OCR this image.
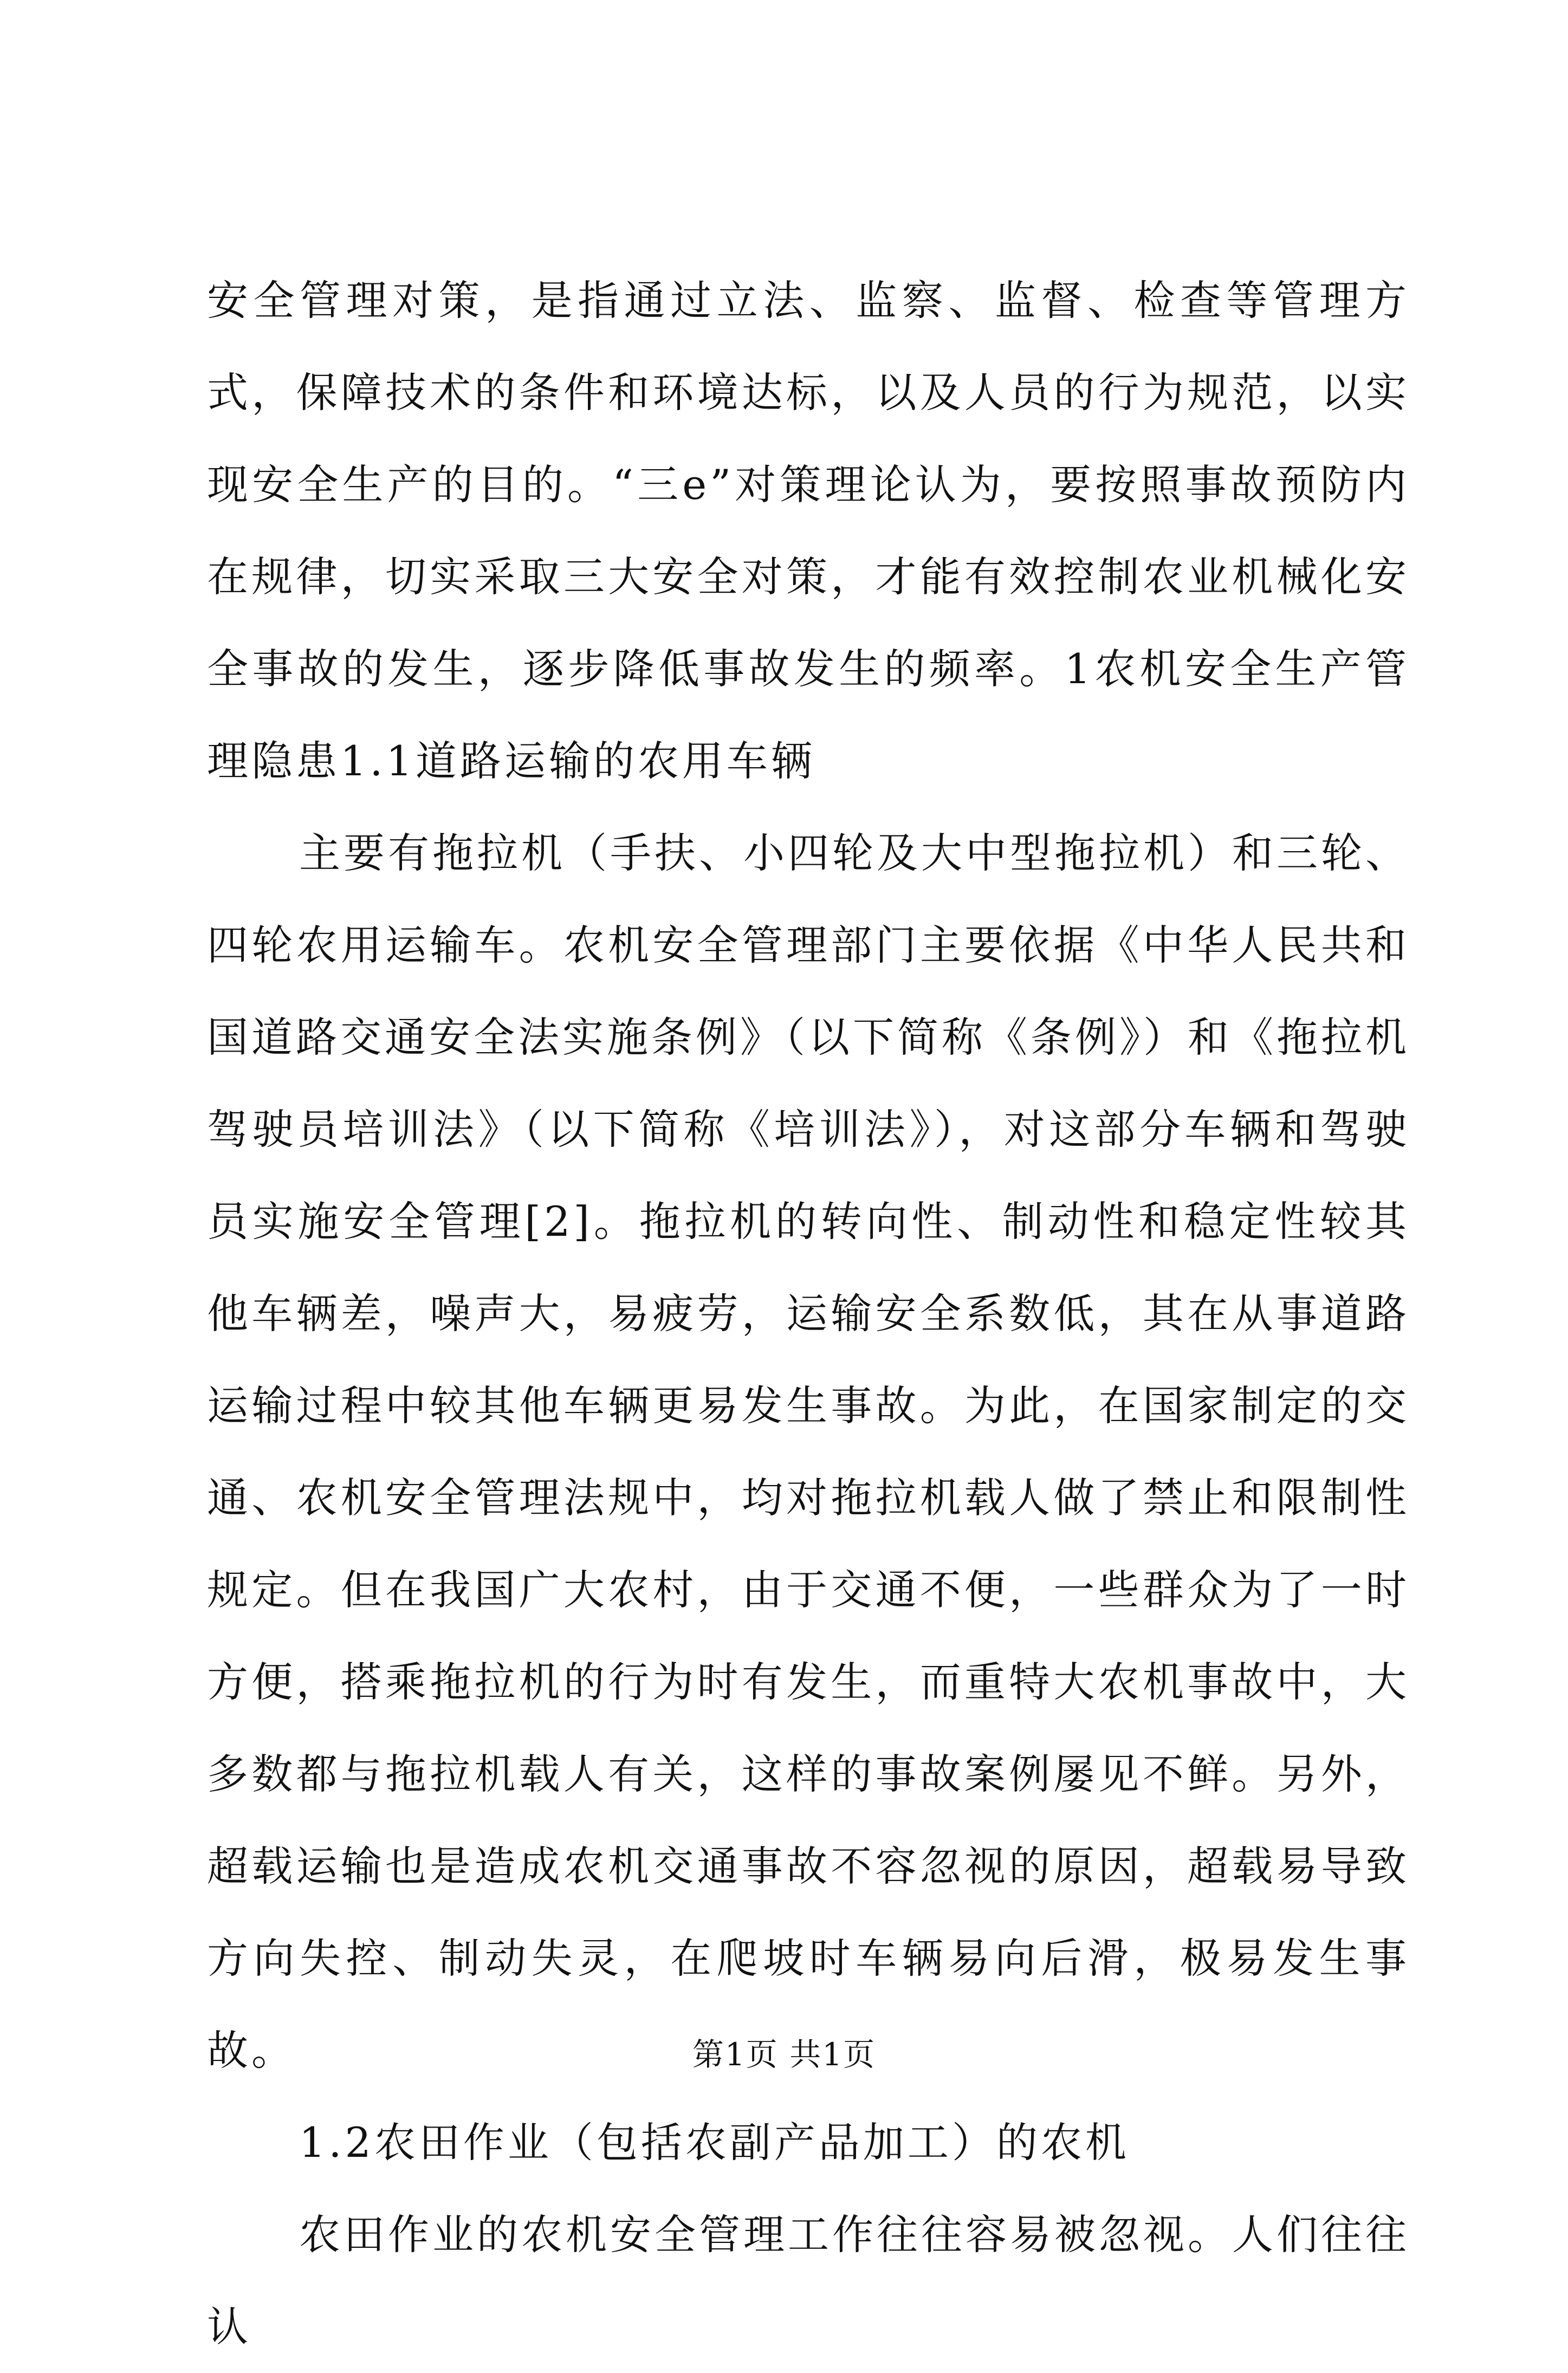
安全管理对策，是指通过立法、监察、监督、检查等管理方式，保障技术的条件和环境达标，以及人员的行为规范，以实现安全生产的目的。“三e”对策理论认为，要按照事故预防内在规律，切实采取三大安全对策，才能有效控制农业机械化安全事故的发生，逐步降低事故发生的频率。1农机安全生产管理隐患1.1道路运输的农用车辆

主要有拖拉机（手扶、小四轮及大中型拖拉机）和三轮、四轮农用运输车。农机安全管理部门主要依据《中华人民共和国道路交通安全法实施条例》（以下简称《条例》）和《拖拉机驾驶员培训法》（以下简称《培训法》），对这部分车辆和驾驶员实施安全管理[2]。拖拉机的转向性、制动性和稳定性较其他车辆差，噪声大，易疲劳，运输安全系数低，其在从事道路运输过程中较其他车辆更易发生事故。为此，在国家制定的交通、农机安全管理法规中，均对拖拉机载人做了禁止和限制性规定。但在我国广大农村，由于交通不便，一些群众为了一时方便，搭乘拖拉机的行为时有发生，而重特大农机事故中，大多数都与拖拉机载人有关，这样的事故案例屡见不鲜。另外，超载运输也是造成农机交通事故不容忽视的原因，超载易导致方向失控、制动失灵，在爬坡时车辆易向后滑，极易发生事故。

1.2农田作业（包括农副产品加工）的农机

农田作业的农机安全管理工作往往容易被忽视。人们往往认

第1页 共1页
